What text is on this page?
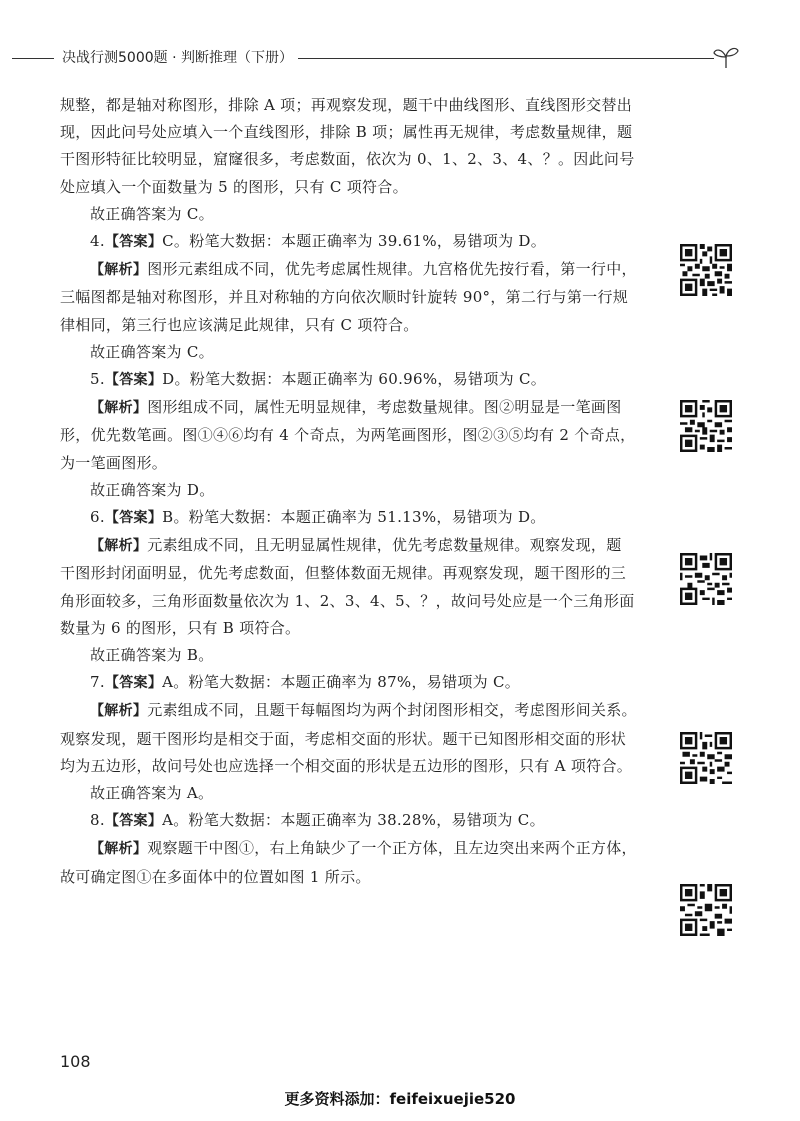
决战行测5000题 · 判断推理（下册）

规整，都是轴对称图形，排除 A 项；再观察发现，题干中曲线图形、直线图形交替出

现，因此问号处应填入一个直线图形，排除 B 项；属性再无规律，考虑数量规律，题

干图形特征比较明显，窟窿很多，考虑数面，依次为 0、1、2、3、4、？。因此问号

处应填入一个面数量为 5 的图形，只有 C 项符合。

故正确答案为 C。

4.【答案】C。粉笔大数据：本题正确率为 39.61%，易错项为 D。

【解析】图形元素组成不同，优先考虑属性规律。九宫格优先按行看，第一行中，

三幅图都是轴对称图形，并且对称轴的方向依次顺时针旋转 90°，第二行与第一行规

律相同，第三行也应该满足此规律，只有 C 项符合。

故正确答案为 C。

5.【答案】D。粉笔大数据：本题正确率为 60.96%，易错项为 C。

【解析】图形组成不同，属性无明显规律，考虑数量规律。图②明显是一笔画图

形，优先数笔画。图①④⑥均有 4 个奇点，为两笔画图形，图②③⑤均有 2 个奇点，

为一笔画图形。

故正确答案为 D。

6.【答案】B。粉笔大数据：本题正确率为 51.13%，易错项为 D。

【解析】元素组成不同，且无明显属性规律，优先考虑数量规律。观察发现，题

干图形封闭面明显，优先考虑数面，但整体数面无规律。再观察发现，题干图形的三

角形面较多，三角形面数量依次为 1、2、3、4、5、？，故问号处应是一个三角形面

数量为 6 的图形，只有 B 项符合。

故正确答案为 B。

7.【答案】A。粉笔大数据：本题正确率为 87%，易错项为 C。

【解析】元素组成不同，且题干每幅图均为两个封闭图形相交，考虑图形间关系。

观察发现，题干图形均是相交于面，考虑相交面的形状。题干已知图形相交面的形状

均为五边形，故问号处也应选择一个相交面的形状是五边形的图形，只有 A 项符合。

故正确答案为 A。

8.【答案】A。粉笔大数据：本题正确率为 38.28%，易错项为 C。

【解析】观察题干中图①，右上角缺少了一个正方体，且左边突出来两个正方体，

故可确定图①在多面体中的位置如图 1 所示。

108
更多资料添加：feifeixuejie520
